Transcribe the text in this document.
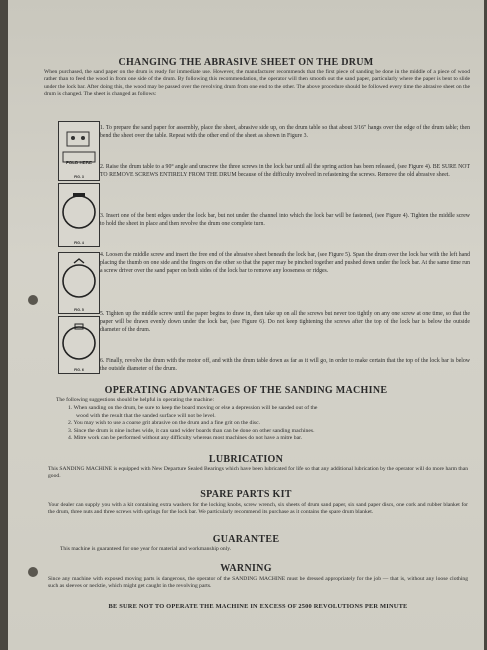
CHANGING THE ABRASIVE SHEET ON THE DRUM
When purchased, the sand paper on the drum is ready for immediate use. However, the manufacturer recommends that the first piece of sanding be done in the middle of a piece of wood rather than to feed the wood in from one side of the drum. By following this recommendation, the operator will then smooth out the sand paper, particularly where the paper is bent to slide under the lock bar. After doing this, the wood may be passed over the revolving drum from one end to the other. The above procedure should be followed every time the abrasive sheet on the drum is changed. The sheet is changed as follows:
FOLD HERE
FIG. 3
FIG. 4
FIG. 5
FIG. 6
1. To prepare the sand paper for assembly, place the sheet, abrasive side up, on the drum table so that about 3/16" hangs over the edge of the drum table; then bend the sheet over the table. Repeat with the other end of the sheet as shown in Figure 3.
2. Raise the drum table to a 90° angle and unscrew the three screws in the lock bar until all the spring action has been released, (see Figure 4). BE SURE NOT TO REMOVE SCREWS ENTIRELY FROM THE DRUM because of the difficulty involved in refastening the screws. Remove the old abrasive sheet.
3. Insert one of the bent edges under the lock bar, but not under the channel into which the lock bar will be fastened, (see Figure 4). Tighten the middle screw to hold the sheet in place and then revolve the drum one complete turn.
4. Loosen the middle screw and insert the free end of the abrasive sheet beneath the lock bar, (see Figure 5). Span the drum over the lock bar with the left hand placing the thumb on one side and the fingers on the other so that the paper may be pinched together and pushed down under the lock bar. At the same time run a screw driver over the sand paper on both sides of the lock bar to remove any looseness or ridges.
5. Tighten up the middle screw until the paper begins to draw in, then take up on all the screws but never too tightly on any one screw at one time, so that the paper will be drawn evenly down under the lock bar, (see Figure 6). Do not keep tightening the screws after the top of the lock bar is below the outside diameter of the drum.
6. Finally, revolve the drum with the motor off, and with the drum table down as far as it will go, in order to make certain that the top of the lock bar is below the outside diameter of the drum.
OPERATING ADVANTAGES OF THE SANDING MACHINE
The following suggestions should be helpful in operating the machine:
1. When sanding on the drum, be sure to keep the board moving or else a depression will be sanded out of the
wood with the result that the sanded surface will not be level.
2. You may wish to use a coarse grit abrasive on the drum and a fine grit on the disc.
3. Since the drum is nine inches wide, it can sand wider boards than can be done on other sanding machines.
4. Mitre work can be performed without any difficulty whereas most machines do not have a mitre bar.
LUBRICATION
This SANDING MACHINE is equipped with New Departure Sealed Bearings which have been lubricated for life so that any additional lubrication by the operator will do more harm than good.
SPARE PARTS KIT
Your dealer can supply you with a kit containing extra washers for the locking knobs, screw wrench, six sheets of drum sand paper, six sand paper discs, one cork and rubber blanket for the drum, three nuts and three screws with springs for the lock bar. We particularly recommend its purchase as it contains the spare drum blanket.
GUARANTEE
This machine is guaranteed for one year for material and workmanship only.
WARNING
Since any machine with exposed moving parts is dangerous, the operator of the SANDING MACHINE must be dressed appropriately for the job — that is, without any loose clothing such as sleeves or necktie, which might get caught in the revolving parts.
BE SURE NOT TO OPERATE THE MACHINE IN EXCESS OF 2500 REVOLUTIONS PER MINUTE
